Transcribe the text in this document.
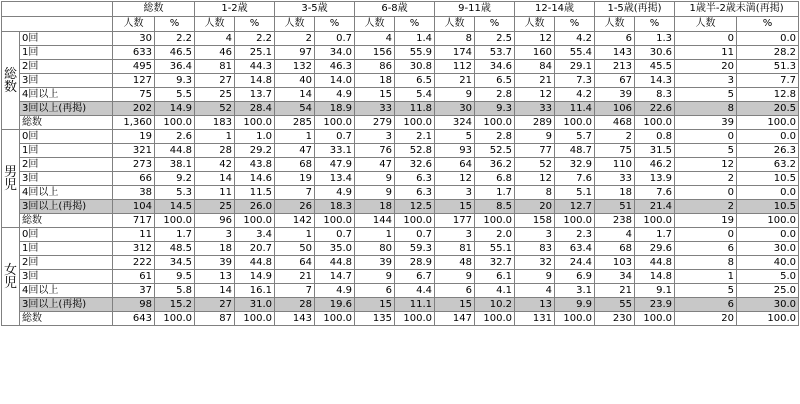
		総数		1-2歳		3-5歳		6-8歳		9-11歳		12-14歳		1-5歳(再掲)		1歳半-2歳未満(再掲)	
		人数	%	人数	%	人数	%	人数	%	人数	%	人数	%	人数	%	人数	%
総数	0回	30	2.2	4	2.2	2	0.7	4	1.4	8	2.5	12	4.2	6	1.3	0	0.0
	1回	633	46.5	46	25.1	97	34.0	156	55.9	174	53.7	160	55.4	143	30.6	11	28.2
	2回	495	36.4	81	44.3	132	46.3	86	30.8	112	34.6	84	29.1	213	45.5	20	51.3
	3回	127	9.3	27	14.8	40	14.0	18	6.5	21	6.5	21	7.3	67	14.3	3	7.7
	4回以上	75	5.5	25	13.7	14	4.9	15	5.4	9	2.8	12	4.2	39	8.3	5	12.8
	3回以上(再掲)	202	14.9	52	28.4	54	18.9	33	11.8	30	9.3	33	11.4	106	22.6	8	20.5
	総数	1,360	100.0	183	100.0	285	100.0	279	100.0	324	100.0	289	100.0	468	100.0	39	100.0
男児	0回	19	2.6	1	1.0	1	0.7	3	2.1	5	2.8	9	5.7	2	0.8	0	0.0
	1回	321	44.8	28	29.2	47	33.1	76	52.8	93	52.5	77	48.7	75	31.5	5	26.3
	2回	273	38.1	42	43.8	68	47.9	47	32.6	64	36.2	52	32.9	110	46.2	12	63.2
	3回	66	9.2	14	14.6	19	13.4	9	6.3	12	6.8	12	7.6	33	13.9	2	10.5
	4回以上	38	5.3	11	11.5	7	4.9	9	6.3	3	1.7	8	5.1	18	7.6	0	0.0
	3回以上(再掲)	104	14.5	25	26.0	26	18.3	18	12.5	15	8.5	20	12.7	51	21.4	2	10.5
	総数	717	100.0	96	100.0	142	100.0	144	100.0	177	100.0	158	100.0	238	100.0	19	100.0
女児	0回	11	1.7	3	3.4	1	0.7	1	0.7	3	2.0	3	2.3	4	1.7	0	0.0
	1回	312	48.5	18	20.7	50	35.0	80	59.3	81	55.1	83	63.4	68	29.6	6	30.0
	2回	222	34.5	39	44.8	64	44.8	39	28.9	48	32.7	32	24.4	103	44.8	8	40.0
	3回	61	9.5	13	14.9	21	14.7	9	6.7	9	6.1	9	6.9	34	14.8	1	5.0
	4回以上	37	5.8	14	16.1	7	4.9	6	4.4	6	4.1	4	3.1	21	9.1	5	25.0
	3回以上(再掲)	98	15.2	27	31.0	28	19.6	15	11.1	15	10.2	13	9.9	55	23.9	6	30.0
	総数	643	100.0	87	100.0	143	100.0	135	100.0	147	100.0	131	100.0	230	100.0	20	100.0
